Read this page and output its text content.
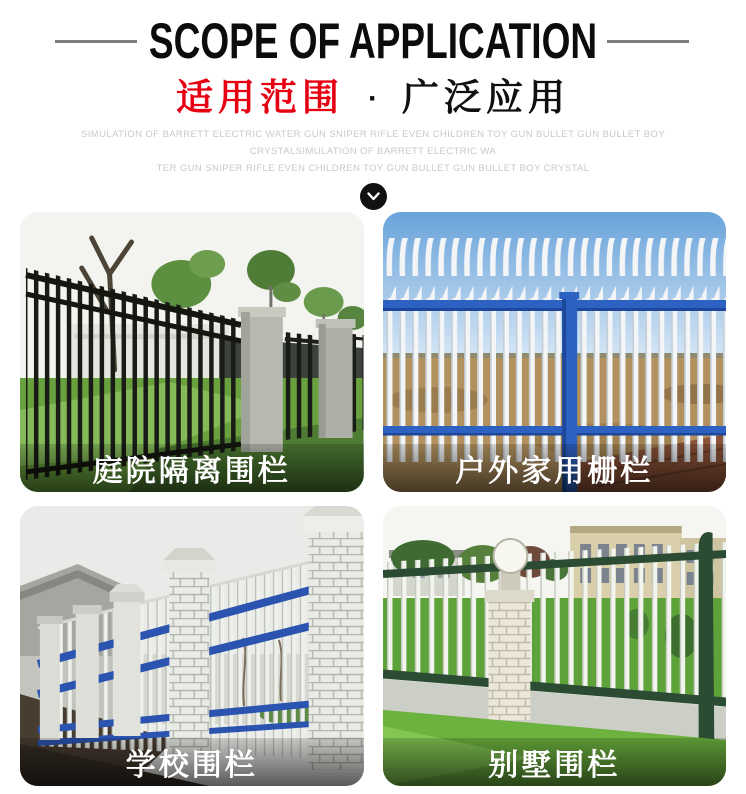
SCOPE OF APPLICATION
适用范围 · 广泛应用

SIMULATION OF BARRETT ELECTRIC WATER GUN SNIPER RIFLE EVEN CHILDREN TOY GUN BULLET GUN BULLET BOY CRYSTALSIMULATION OF BARRETT ELECTRIC WA
TER GUN SNIPER RIFLE EVEN CHILDREN TOY GUN BULLET GUN BULLET BOY CRYSTAL

庭院隔离围栏	户外家用栅栏
学校围栏	别墅围栏
